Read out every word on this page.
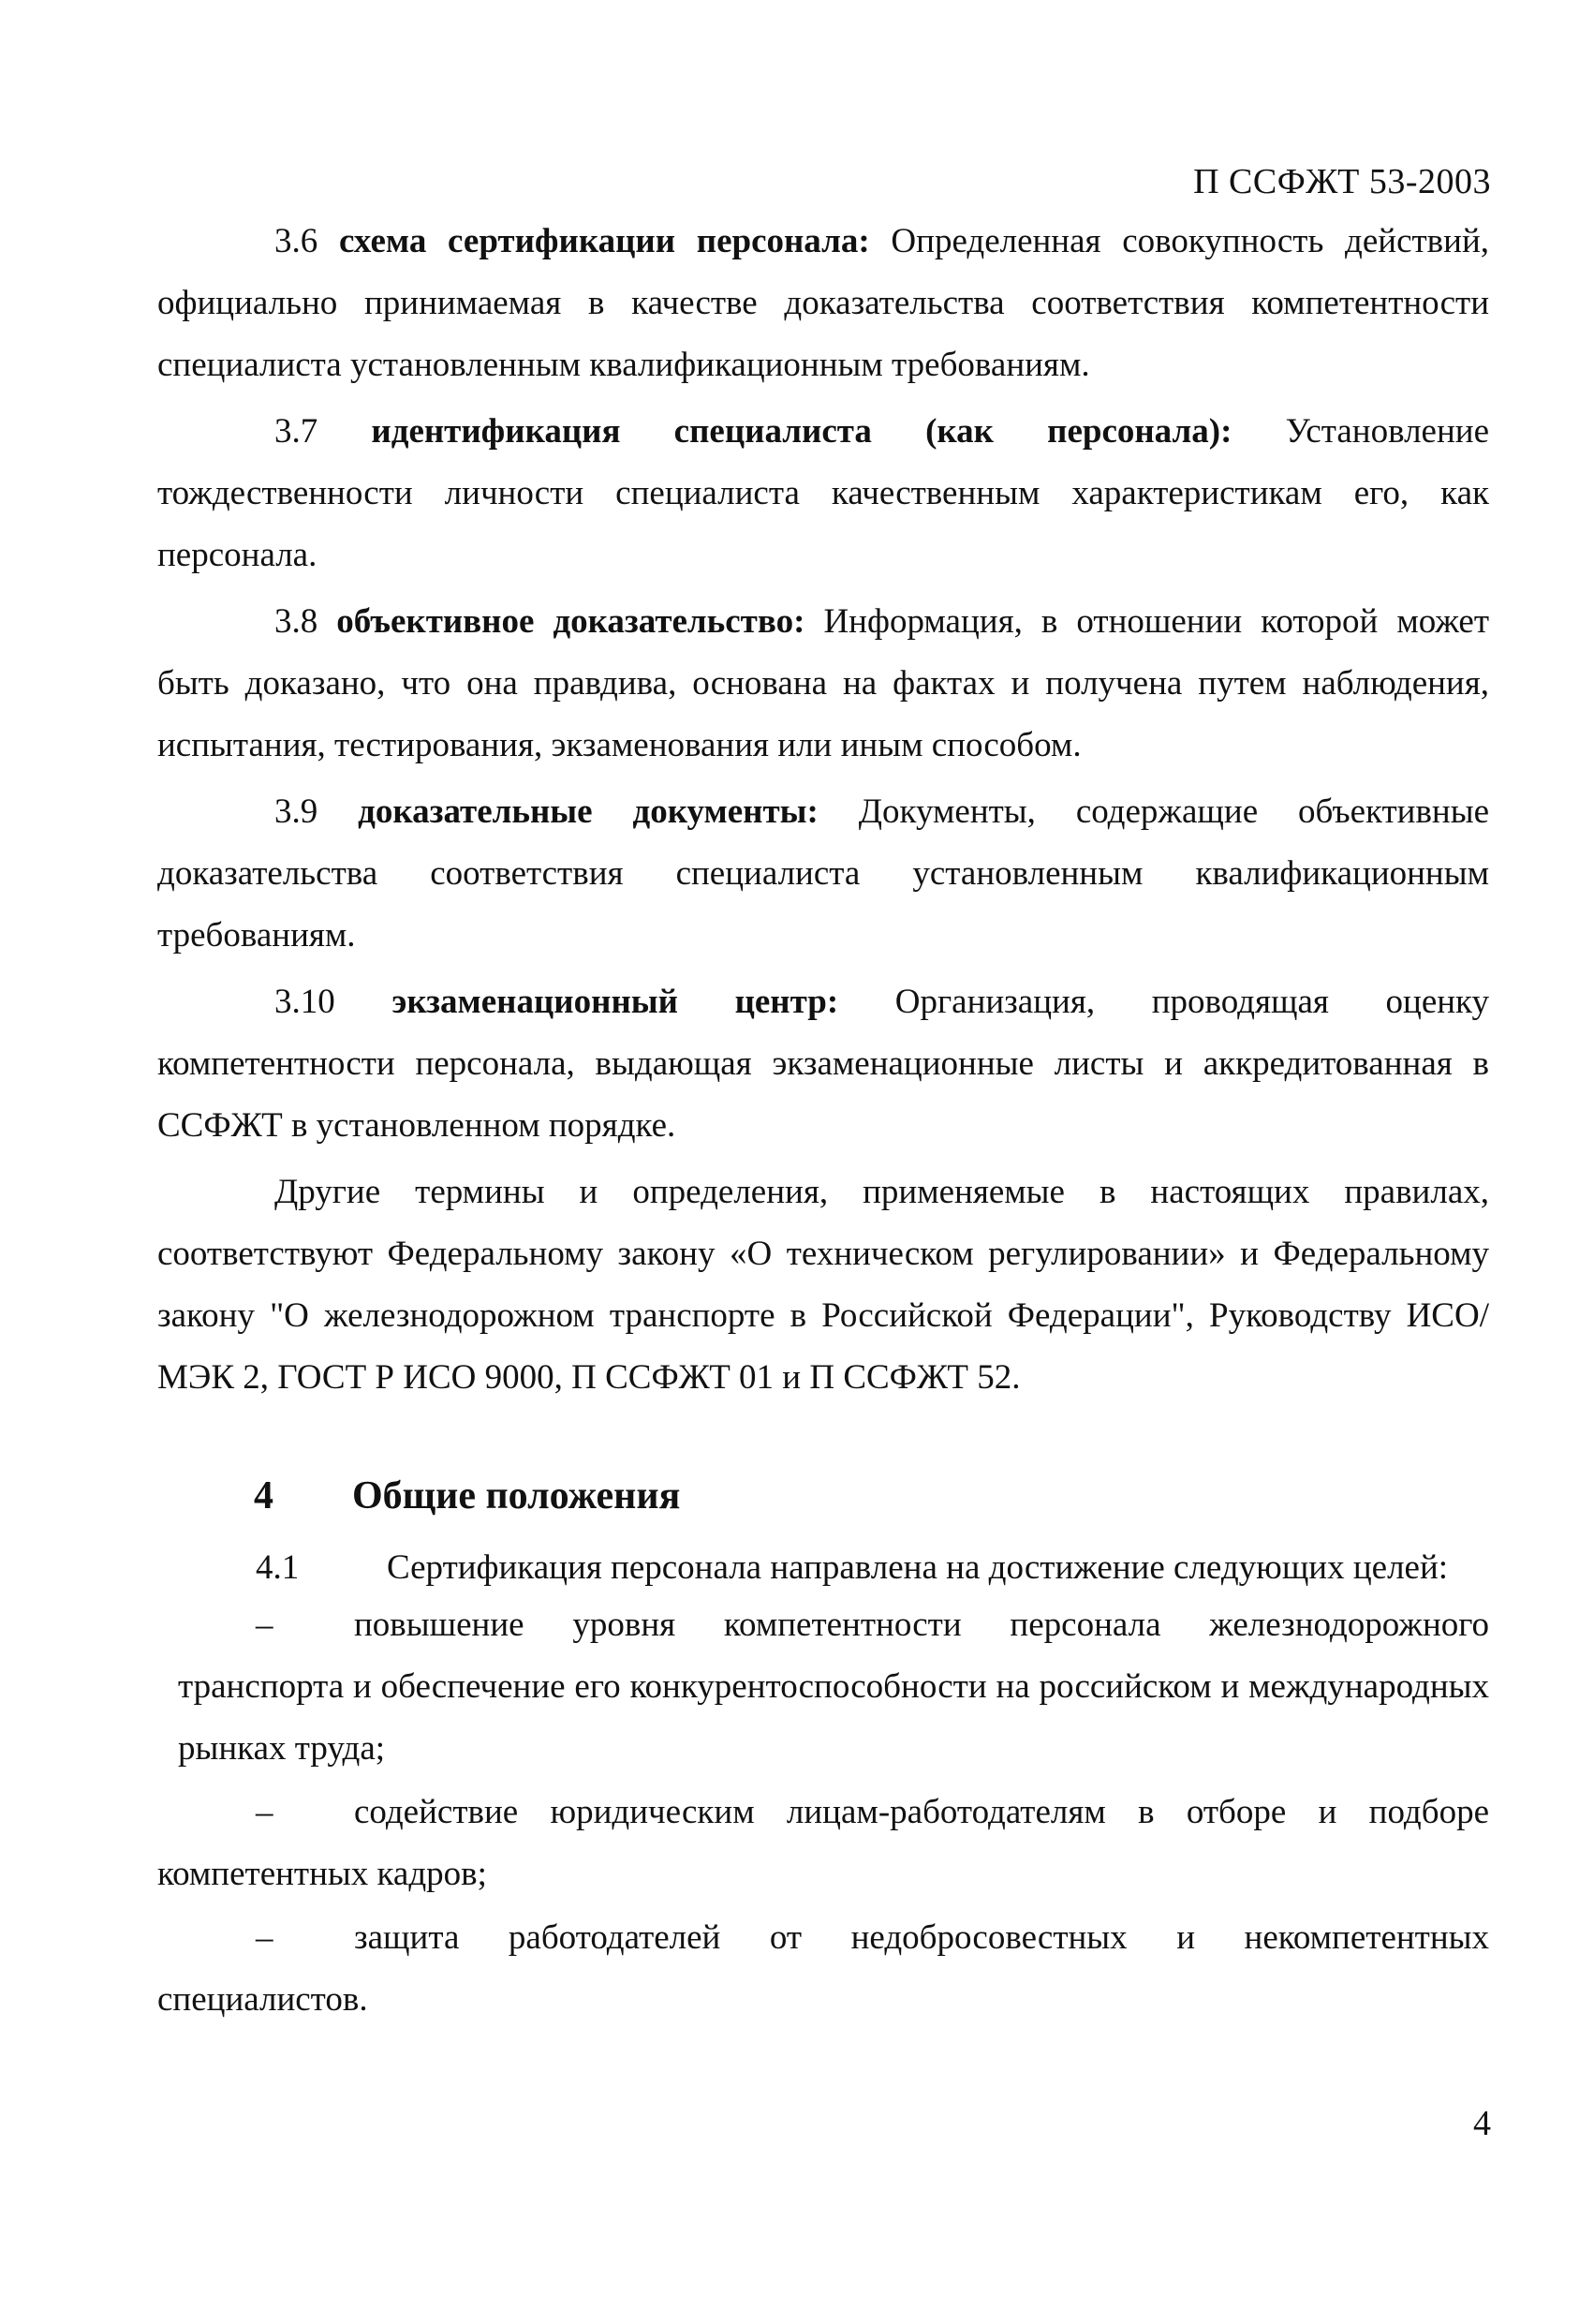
П ССФЖТ 53-2003

3.6 схема сертификации персонала: Определенная совокупность действий, официально принимаемая в качестве доказательства соответствия компетентности специалиста установленным квалификационным требованиям.

3.7 идентификация специалиста (как персонала): Установление тождественности личности специалиста качественным характеристикам его, как персонала.

3.8 объективное доказательство: Информация, в отношении которой может быть доказано, что она правдива, основана на фактах и получена путем наблюдения, испытания, тестирования, экзаменования или иным способом.

3.9 доказательные документы: Документы, содержащие объективные доказательства соответствия специалиста установленным квалификационным требованиям.

3.10 экзаменационный центр: Организация, проводящая оценку компетентности персонала, выдающая экзаменационные листы и аккредитованная в ССФЖТ в установленном порядке.

Другие термины и определения, применяемые в настоящих правилах, соответствуют Федеральному закону «О техническом регулировании» и Федеральному закону "О железнодорожном транспорте в Российской Федерации", Руководству ИСО/МЭК 2, ГОСТ Р ИСО 9000, П ССФЖТ 01 и П ССФЖТ 52.

4	Общие положения

4.1	Сертификация персонала направлена на достижение следующих целей:

– повышение уровня компетентности персонала железнодорожного транспорта и обеспечение его конкурентоспособности на российском и международных рынках труда;

– содействие юридическим лицам-работодателям в отборе и подборе компетентных кадров;

– защита работодателей от недобросовестных и некомпетентных специалистов.

4
